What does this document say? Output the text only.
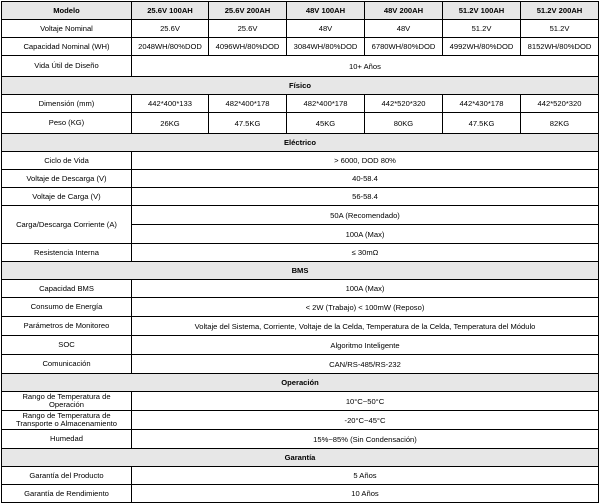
Modelo	25.6V 100AH	25.6V 200AH	48V 100AH	48V 200AH	51.2V 100AH	51.2V 200AH
Voltaje Nominal	25.6V	25.6V	48V	48V	51.2V	51.2V
Capacidad Nominal (WH)	2048WH/80%DOD	4096WH/80%DOD	3084WH/80%DOD	6780WH/80%DOD	4992WH/80%DOD	8152WH/80%DOD
Vida Útil de Diseño	10+ Años					
Físico						
Dimensión (mm)	442*400*133	482*400*178	482*400*178	442*520*320	442*430*178	442*520*320
Peso (KG)	26KG	47.5KG	45KG	80KG	47.5KG	82KG
Eléctrico						
Ciclo de Vida	> 6000, DOD 80%					
Voltaje de Descarga (V)	40-58.4					
Voltaje de Carga (V)	56-58.4					
Carga/Descarga Corriente (A)	50A (Recomendado)					
	100A (Max)					
Resistencia Interna	≤ 30mΩ					
BMS						
Capacidad BMS	100A (Max)					
Consumo de Energía	< 2W (Trabajo) < 100mW (Reposo)					
Parámetros de Monitoreo	Voltaje del Sistema, Corriente, Voltaje de la Celda, Temperatura de la Celda, Temperatura del Módulo					
SOC	Algoritmo Inteligente					
Comunicación	CAN/RS-485/RS-232					
Operación						
Rango de Temperatura de Operación	10°C~50°C					
Rango de Temperatura de Transporte o Almacenamiento	-20°C~45°C					
Humedad	15%~85% (Sin Condensación)					
Garantía						
Garantía del Producto	5 Años					
Garantía de Rendimiento	10 Años					
